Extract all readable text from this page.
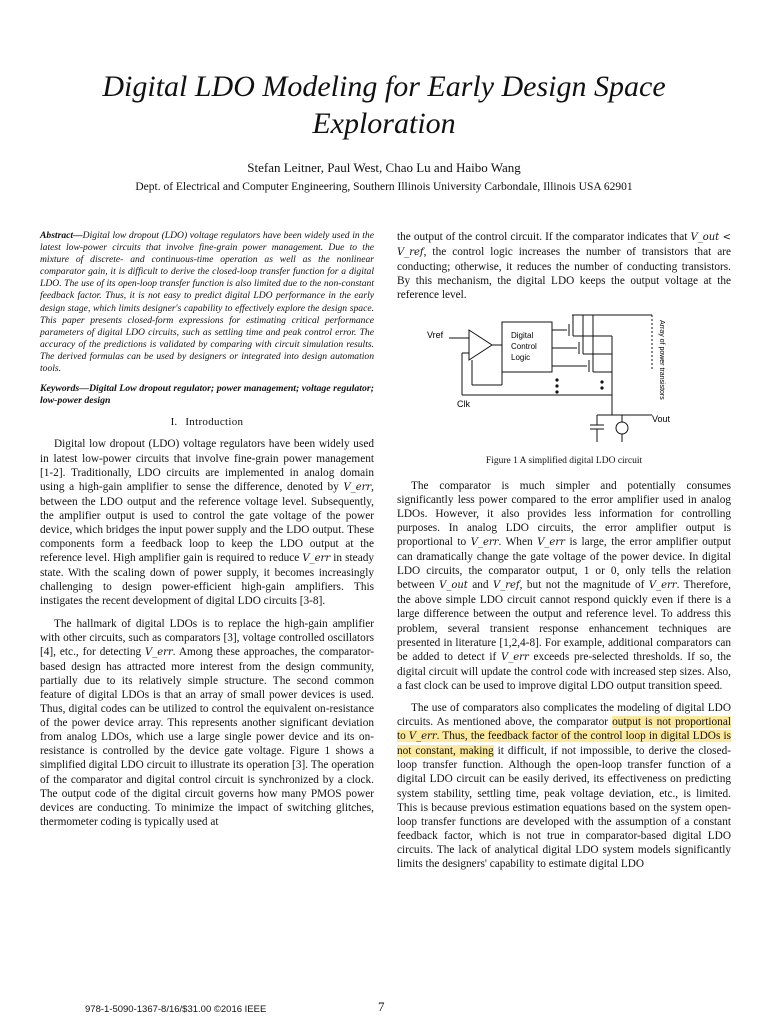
Digital LDO Modeling for Early Design Space Exploration
Stefan Leitner, Paul West, Chao Lu and Haibo Wang
Dept. of Electrical and Computer Engineering, Southern Illinois University Carbondale, Illinois USA 62901

Abstract—Digital low dropout (LDO) voltage regulators have been widely used in the latest low-power circuits that involve fine-grain power management. Due to the mixture of discrete- and continuous-time operation as well as the nonlinear comparator gain, it is difficult to derive the closed-loop transfer function for a digital LDO. The use of its open-loop transfer function is also limited due to the non-constant feedback factor. Thus, it is not easy to predict digital LDO performance in the early design stage, which limits designer's capability to effectively explore the design space. This paper presents closed-form expressions for estimating critical performance parameters of digital LDO circuits, such as settling time and peak control error. The accuracy of the predictions is validated by comparing with circuit simulation results. The derived formulas can be used by designers or integrated into design automation tools.

Keywords—Digital Low dropout regulator; power management; voltage regulator; low-power design

I. Introduction

Digital low dropout (LDO) voltage regulators have been widely used in latest low-power circuits that involve fine-grain power management [1-2]. Traditionally, LDO circuits are implemented in analog domain using a high-gain amplifier to sense the difference, denoted by V_err, between the LDO output and the reference voltage level. Subsequently, the amplifier output is used to control the gate voltage of the power device, which bridges the input power supply and the LDO output. These components form a feedback loop to keep the LDO output at the reference level. High amplifier gain is required to reduce V_err in steady state. With the scaling down of power supply, it becomes increasingly challenging to design power-efficient high-gain amplifiers. This instigates the recent development of digital LDO circuits [3-8].

The hallmark of digital LDOs is to replace the high-gain amplifier with other circuits, such as comparators [3], voltage controlled oscillators [4], etc., for detecting V_err. Among these approaches, the comparator-based design has attracted more interest from the design community, partially due to its relatively simple structure. The second common feature of digital LDOs is that an array of small power devices is used. Thus, digital codes can be utilized to control the equivalent on-resistance of the power device array. This represents another significant deviation from analog LDOs, which use a large single power device and its on-resistance is controlled by the device gate voltage. Figure 1 shows a simplified digital LDO circuit to illustrate its operation [3]. The operation of the comparator and digital control circuit is synchronized by a clock. The output code of the digital circuit governs how many PMOS power devices are conducting. To minimize the impact of switching glitches, thermometer coding is typically used at

the output of the control circuit. If the comparator indicates that V_out < V_ref, the control logic increases the number of transistors that are conducting; otherwise, it reduces the number of conducting transistors. By this mechanism, the digital LDO keeps the output voltage at the reference level.

Vref
Clk
Digital
Control
Logic	Array of power transistors
Vout
Figure 1 A simplified digital LDO circuit

The comparator is much simpler and potentially consumes significantly less power compared to the error amplifier used in analog LDOs. However, it also provides less information for controlling purposes. In analog LDO circuits, the error amplifier output is proportional to V_err. When V_err is large, the error amplifier output can dramatically change the gate voltage of the power device. In digital LDO circuits, the comparator output, 1 or 0, only tells the relation between V_out and V_ref, but not the magnitude of V_err. Therefore, the above simple LDO circuit cannot respond quickly even if there is a large difference between the output and reference level. To address this problem, several transient response enhancement techniques are presented in literature [1,2,4-8]. For example, additional comparators can be added to detect if V_err exceeds pre-selected thresholds. If so, the digital circuit will update the control code with increased step sizes. Also, a fast clock can be used to improve digital LDO output transition speed.

The use of comparators also complicates the modeling of digital LDO circuits. As mentioned above, the comparator output is not proportional to V_err. Thus, the feedback factor of the control loop in digital LDOs is not constant, making it difficult, if not impossible, to derive the closed-loop transfer function. Although the open-loop transfer function of a digital LDO circuit can be easily derived, its effectiveness on predicting system stability, settling time, peak voltage deviation, etc., is limited. This is because previous estimation equations based on the system open-loop transfer functions are developed with the assumption of a constant feedback factor, which is not true in comparator-based digital LDO circuits. The lack of analytical digital LDO system models significantly limits the designers' capability to estimate digital LDO

978-1-5090-1367-8/16/$31.00 ©2016 IEEE	7
